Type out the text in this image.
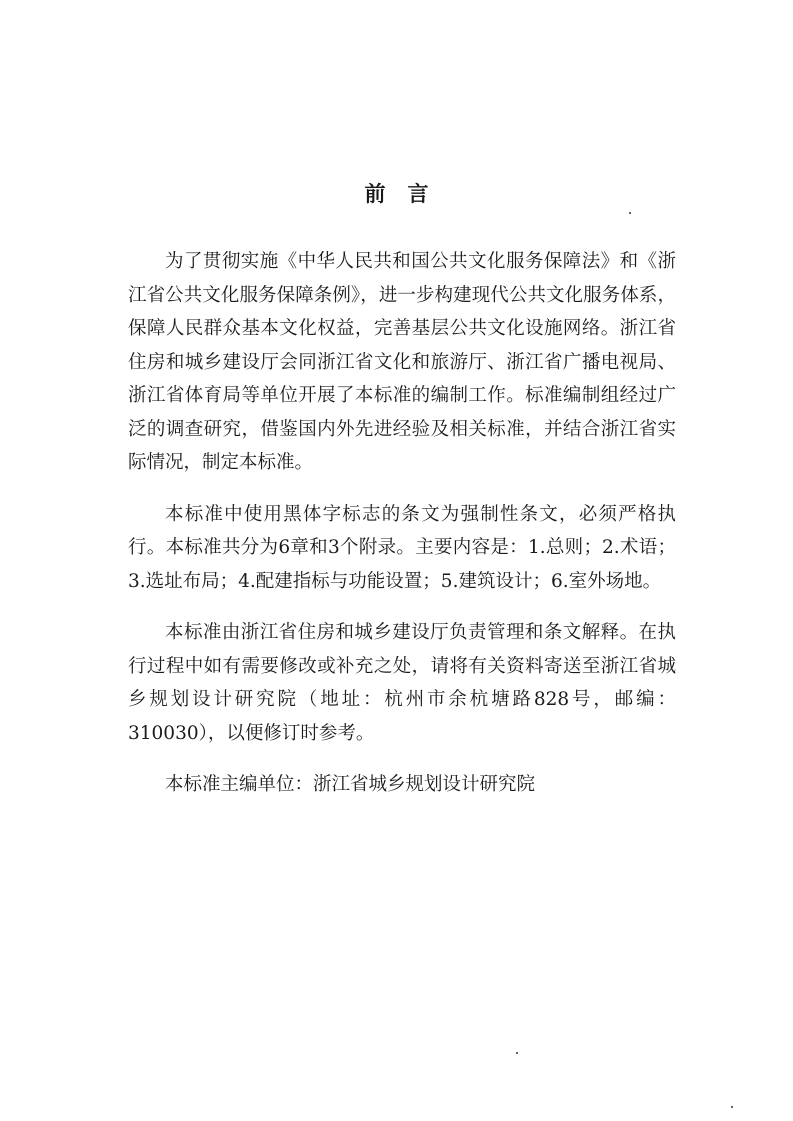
前言

为了贯彻实施《中华人民共和国公共文化服务保障法》和《浙江省公共文化服务保障条例》，进一步构建现代公共文化服务体系，保障人民群众基本文化权益，完善基层公共文化设施网络。浙江省住房和城乡建设厅会同浙江省文化和旅游厅、浙江省广播电视局、浙江省体育局等单位开展了本标准的编制工作。标准编制组经过广泛的调查研究，借鉴国内外先进经验及相关标准，并结合浙江省实际情况，制定本标准。

本标准中使用黑体字标志的条文为强制性条文，必须严格执行。本标准共分为6章和3个附录。主要内容是：1.总则；2.术语；3.选址布局；4.配建指标与功能设置；5.建筑设计；6.室外场地。

本标准由浙江省住房和城乡建设厅负责管理和条文解释。在执行过程中如有需要修改或补充之处，请将有关资料寄送至浙江省城乡规划设计研究院（地址：杭州市余杭塘路828号，邮编：310030），以便修订时参考。

本标准主编单位：浙江省城乡规划设计研究院
